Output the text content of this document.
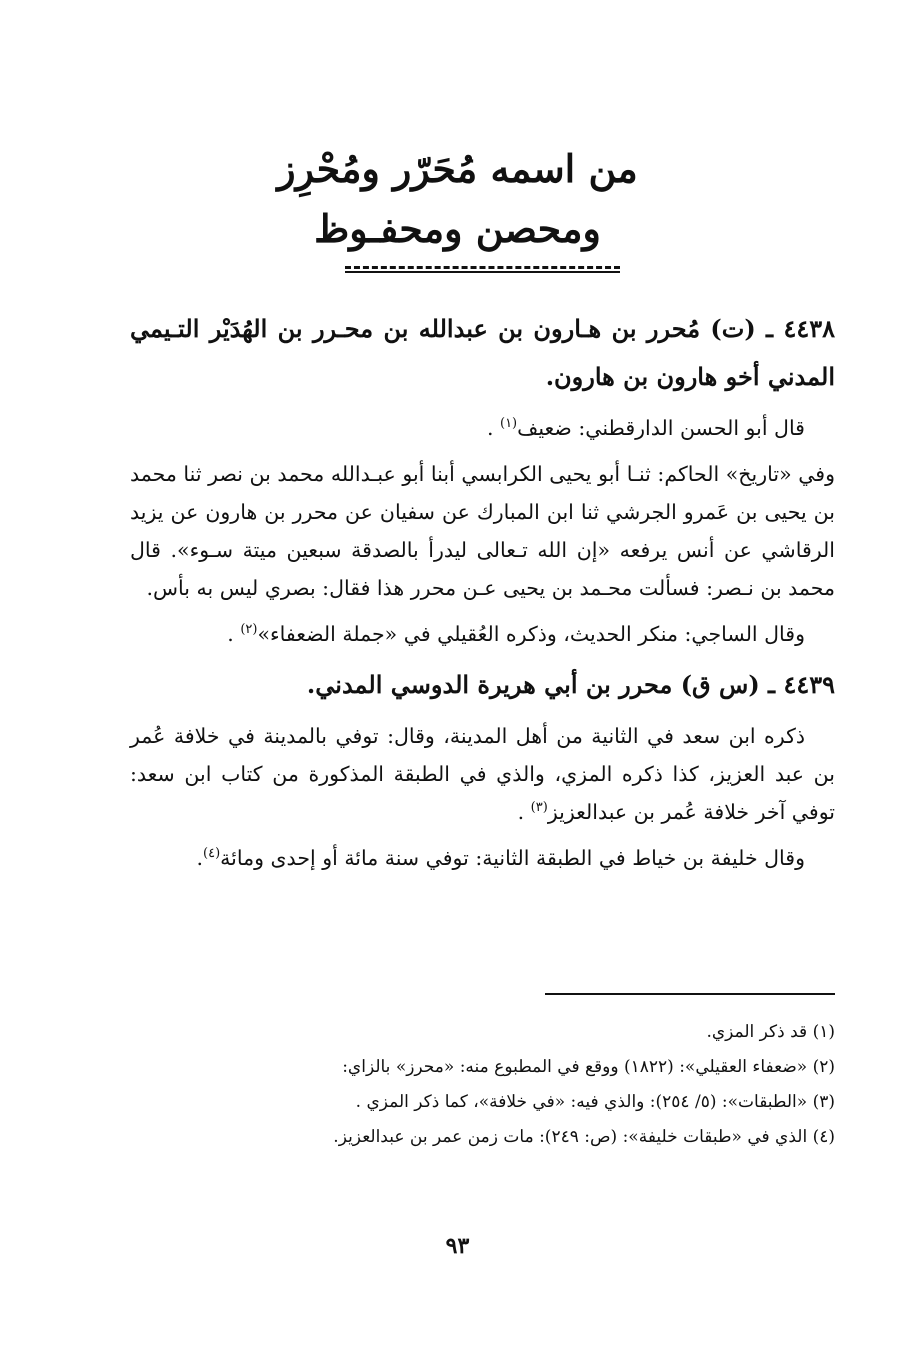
من اسمه مُحَرّر ومُحْرِز
ومحصن ومحفـوظ

٤٤٣٨ ـ (ت) مُحرر بن هـارون بن عبدالله بن محـرر بن الهُدَيْر التـيمي المدني أخو هارون بن هارون.

قال أبو الحسن الدارقطني: ضعيف$^{(١)}$ .

وفي «تاريخ» الحاكم: ثنـا أبو يحيى الكرابسي أبنا أبو عبـدالله محمد بن نصر ثنا محمد بن يحيى بن عَمرو الجرشي ثنا ابن المبارك عن سفيان عن محرر بن هارون عن يزيد الرقاشي عن أنس يرفعه «إن الله تـعالى ليدرأ بالصدقة سبعين ميتة سـوء». قال محمد بن نـصر: فسألت محـمد بن يحيى عـن محرر هذا فقال: بصري ليس به بأس.

وقال الساجي: منكر الحديث، وذكره العُقيلي في «جملة الضعفاء»$^{(٢)}$ .

٤٤٣٩ ـ (س ق) محرر بن أبي هريرة الدوسي المدني.

ذكره ابن سعد في الثانية من أهل المدينة، وقال: توفي بالمدينة في خلافة عُمر بن عبد العزيز، كذا ذكره المزي، والذي في الطبقة المذكورة من كتاب ابن سعد: توفي آخر خلافة عُمر بن عبدالعزيز$^{(٣)}$ .

وقال خليفة بن خياط في الطبقة الثانية: توفي سنة مائة أو إحدى ومائة$^{(٤)}$.

(١) قد ذكر المزي.

(٢) «ضعفاء العقيلي»: (١٨٢٢) ووقع في المطبوع منه: «محرز» بالزاي:

(٣) «الطبقات»: (٥/ ٢٥٤): والذي فيه: «في خلافة»، كما ذكر المزي .

(٤) الذي في «طبقات خليفة»: (ص: ٢٤٩): مات زمن عمر بن عبدالعزيز.

٩٣
